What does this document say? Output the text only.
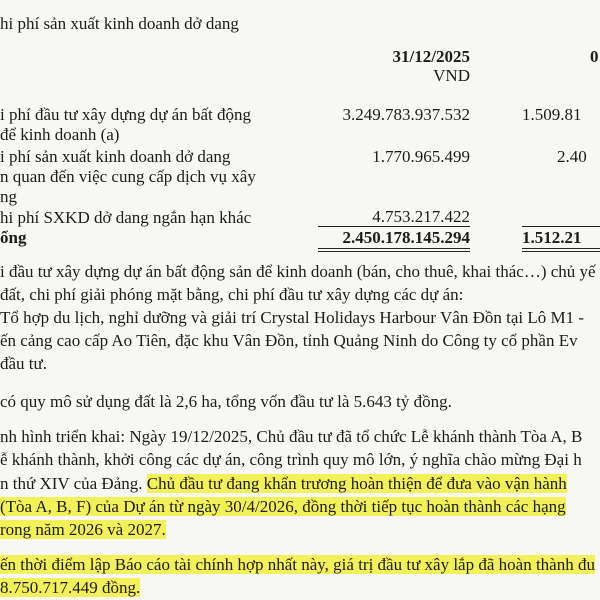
hi phí sản xuất kinh doanh dở dang
31/12/2025	0
VND
i phí đầu tư xây dựng dự án bất động
để kinh doanh (a)
3.249.783.937.532	1.509.81
i phí sản xuất kinh doanh dở dang
n quan đến việc cung cấp dịch vụ xây
ng
1.770.965.499	2.40
hi phí SXKD dở dang ngắn hạn khác	4.753.217.422
ổng	2.450.178.145.294	1.512.21
i đầu tư xây dựng dự án bất động sản để kinh doanh (bán, cho thuê, khai thác…) chủ yế
đất, chi phí giải phóng mặt bằng, chi phí đầu tư xây dựng các dự án:
Tổ hợp du lịch, nghỉ dưỡng và giải trí Crystal Holidays Harbour Vân Đồn tại Lô M1 -
ến cảng cao cấp Ao Tiên, đặc khu Vân Đồn, tỉnh Quảng Ninh do Công ty cổ phần Ev
đầu tư.
có quy mô sử dụng đất là 2,6 ha, tổng vốn đầu tư là 5.643 tỷ đồng.
nh hình triển khai: Ngày 19/12/2025, Chủ đầu tư đã tổ chức Lễ khánh thành Tòa A, B
ễ khánh thành, khởi công các dự án, công trình quy mô lớn, ý nghĩa chào mừng Đại h
n thứ XIV của Đảng. Chủ đầu tư đang khẩn trương hoàn thiện để đưa vào vận hành
(Tòa A, B, F) của Dự án từ ngày 30/4/2026, đồng thời tiếp tục hoàn thành các hạng
rong năm 2026 và 2027.
ến thời điểm lập Báo cáo tài chính hợp nhất này, giá trị đầu tư xây lắp đã hoàn thành đu
8.750.717.449 đồng.
